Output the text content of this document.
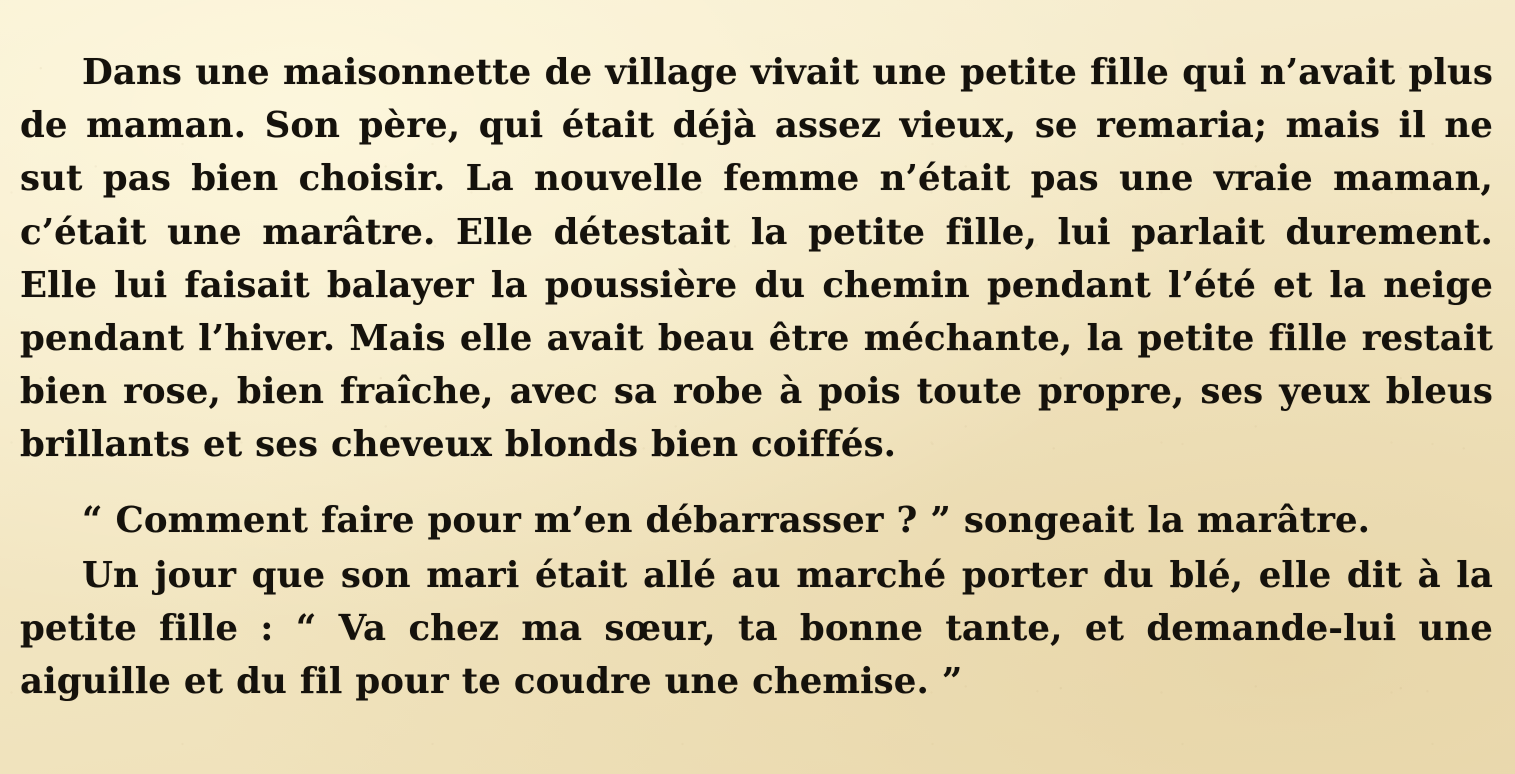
Dans une maisonnette de village vivait une petite fille qui n’avait plus de maman. Son père, qui était déjà assez vieux, se remaria; mais il ne sut pas bien choisir. La nouvelle femme n’était pas une vraie maman, c’était une marâtre. Elle détestait la petite fille, lui parlait durement. Elle lui faisait balayer la poussière du chemin pendant l’été et la neige pendant l’hiver. Mais elle avait beau être méchante, la petite fille restait bien rose, bien fraîche, avec sa robe à pois toute propre, ses yeux bleus brillants et ses cheveux blonds bien coiffés.

“ Comment faire pour m’en débarrasser ? ” songeait la marâtre.

Un jour que son mari était allé au marché porter du blé, elle dit à la petite fille : “ Va chez ma sœur, ta bonne tante, et demande-lui une aiguille et du fil pour te coudre une chemise. ”
